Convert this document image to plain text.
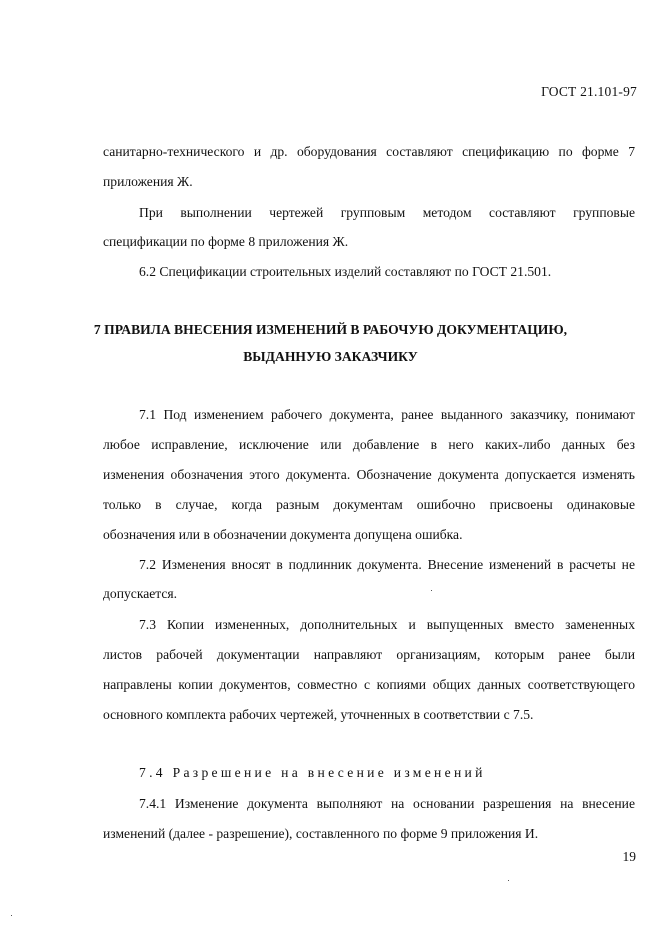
ГОСТ 21.101-97
санитарно-технического и др. оборудования составляют спецификацию по форме 7
приложения Ж.
При выполнении чертежей групповым методом составляют групповые
спецификации по форме 8 приложения Ж.
6.2 Спецификации строительных изделий составляют по ГОСТ 21.501.
7 ПРАВИЛА ВНЕСЕНИЯ ИЗМЕНЕНИЙ В РАБОЧУЮ ДОКУМЕНТАЦИЮ,
ВЫДАННУЮ ЗАКАЗЧИКУ
7.1 Под изменением рабочего документа, ранее выданного заказчику, понимают
любое исправление, исключение или добавление в него каких-либо данных без
изменения обозначения этого документа. Обозначение документа допускается изменять
только в случае, когда разным документам ошибочно присвоены одинаковые
обозначения или в обозначении документа допущена ошибка.
7.2 Изменения вносят в подлинник документа. Внесение изменений в расчеты не
допускается.
7.3 Копии измененных, дополнительных и выпущенных вместо замененных
листов рабочей документации направляют организациям, которым ранее были
направлены копии документов, совместно с копиями общих данных соответствующего
основного комплекта рабочих чертежей, уточненных в соответствии с 7.5.
7.4 Разрешение на внесение изменений
7.4.1 Изменение документа выполняют на основании разрешения на внесение
изменений (далее - разрешение), составленного по форме 9 приложения И.
19
